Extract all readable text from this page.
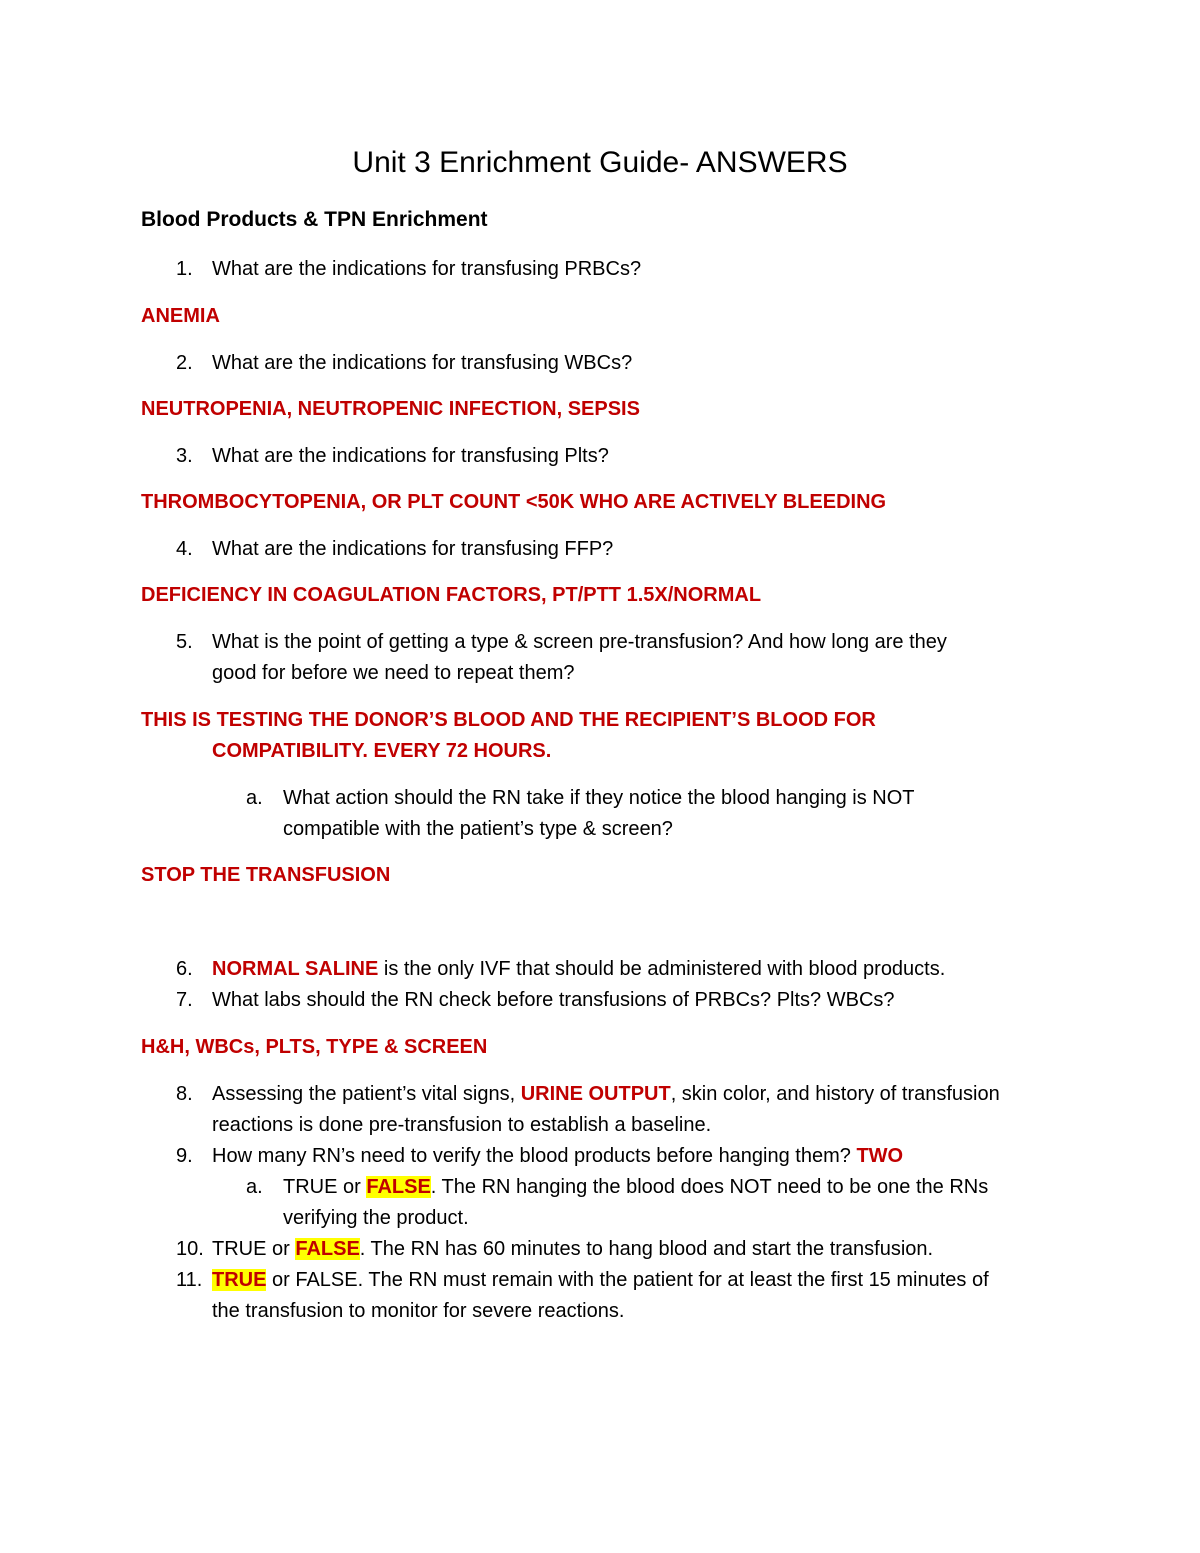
Unit 3 Enrichment Guide- ANSWERS
Blood Products & TPN Enrichment
1. What are the indications for transfusing PRBCs?
ANEMIA
2. What are the indications for transfusing WBCs?
NEUTROPENIA, NEUTROPENIC INFECTION, SEPSIS
3. What are the indications for transfusing Plts?
THROMBOCYTOPENIA, OR PLT COUNT <50K WHO ARE ACTIVELY BLEEDING
4. What are the indications for transfusing FFP?
DEFICIENCY IN COAGULATION FACTORS, PT/PTT 1.5X/NORMAL
5. What is the point of getting a type & screen pre-transfusion? And how long are they
good for before we need to repeat them?
THIS IS TESTING THE DONOR’S BLOOD AND THE RECIPIENT’S BLOOD FOR
COMPATIBILITY. EVERY 72 HOURS.
a. What action should the RN take if they notice the blood hanging is NOT
compatible with the patient’s type & screen?
STOP THE TRANSFUSION
6. NORMAL SALINE is the only IVF that should be administered with blood products.
7. What labs should the RN check before transfusions of PRBCs? Plts? WBCs?
H&H, WBCs, PLTS, TYPE & SCREEN
8. Assessing the patient’s vital signs, URINE OUTPUT, skin color, and history of transfusion
reactions is done pre-transfusion to establish a baseline.
9. How many RN’s need to verify the blood products before hanging them? TWO
a. TRUE or FALSE. The RN hanging the blood does NOT need to be one the RNs
verifying the product.
10. TRUE or FALSE. The RN has 60 minutes to hang blood and start the transfusion.
11. TRUE or FALSE. The RN must remain with the patient for at least the first 15 minutes of
the transfusion to monitor for severe reactions.
